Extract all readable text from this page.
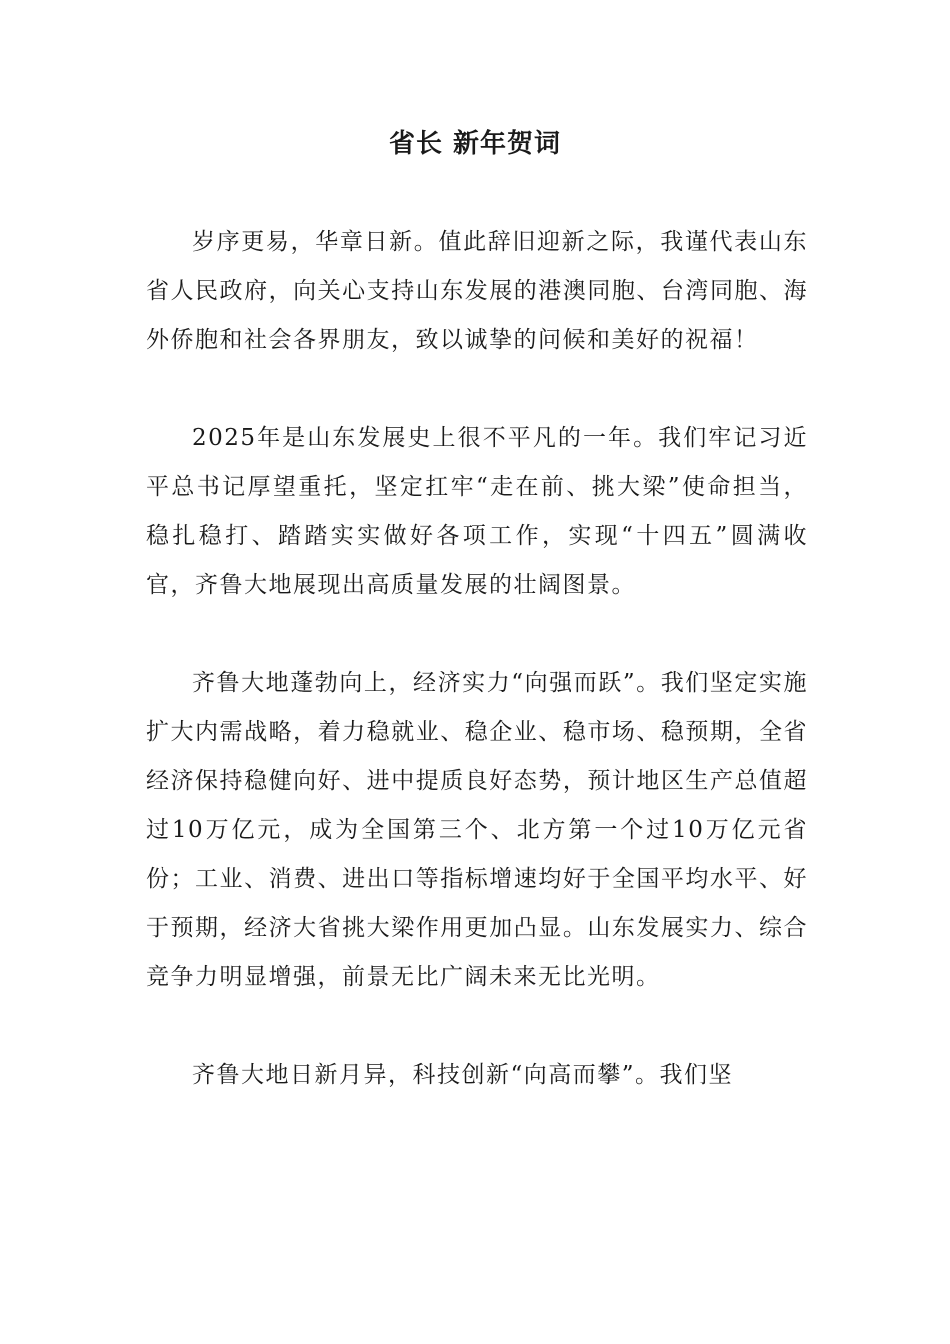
省长 新年贺词

岁序更易，华章日新。值此辞旧迎新之际，我谨代表山东省人民政府，向关心支持山东发展的港澳同胞、台湾同胞、海外侨胞和社会各界朋友，致以诚挚的问候和美好的祝福！

2025年是山东发展史上很不平凡的一年。我们牢记习近平总书记厚望重托，坚定扛牢“走在前、挑大梁”使命担当，稳扎稳打、踏踏实实做好各项工作，实现“十四五”圆满收官，齐鲁大地展现出高质量发展的壮阔图景。

齐鲁大地蓬勃向上，经济实力“向强而跃”。我们坚定实施扩大内需战略，着力稳就业、稳企业、稳市场、稳预期，全省经济保持稳健向好、进中提质良好态势，预计地区生产总值超过10万亿元，成为全国第三个、北方第一个过10万亿元省份；工业、消费、进出口等指标增速均好于全国平均水平、好于预期，经济大省挑大梁作用更加凸显。山东发展实力、综合竞争力明显增强，前景无比广阔未来无比光明。

齐鲁大地日新月异，科技创新“向高而攀”。我们坚
